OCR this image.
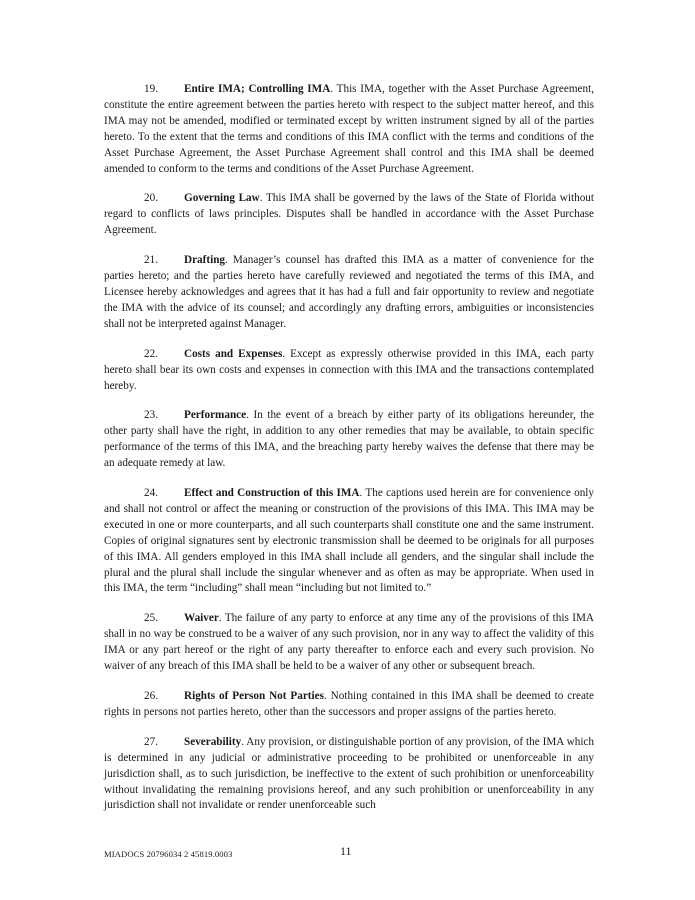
19. Entire IMA; Controlling IMA. This IMA, together with the Asset Purchase Agreement, constitute the entire agreement between the parties hereto with respect to the subject matter hereof, and this IMA may not be amended, modified or terminated except by written instrument signed by all of the parties hereto. To the extent that the terms and conditions of this IMA conflict with the terms and conditions of the Asset Purchase Agreement, the Asset Purchase Agreement shall control and this IMA shall be deemed amended to conform to the terms and conditions of the Asset Purchase Agreement.

20. Governing Law. This IMA shall be governed by the laws of the State of Florida without regard to conflicts of laws principles. Disputes shall be handled in accordance with the Asset Purchase Agreement.

21. Drafting. Manager’s counsel has drafted this IMA as a matter of convenience for the parties hereto; and the parties hereto have carefully reviewed and negotiated the terms of this IMA, and Licensee hereby acknowledges and agrees that it has had a full and fair opportunity to review and negotiate the IMA with the advice of its counsel; and accordingly any drafting errors, ambiguities or inconsistencies shall not be interpreted against Manager.

22. Costs and Expenses. Except as expressly otherwise provided in this IMA, each party hereto shall bear its own costs and expenses in connection with this IMA and the transactions contemplated hereby.

23. Performance. In the event of a breach by either party of its obligations hereunder, the other party shall have the right, in addition to any other remedies that may be available, to obtain specific performance of the terms of this IMA, and the breaching party hereby waives the defense that there may be an adequate remedy at law.

24. Effect and Construction of this IMA. The captions used herein are for convenience only and shall not control or affect the meaning or construction of the provisions of this IMA. This IMA may be executed in one or more counterparts, and all such counterparts shall constitute one and the same instrument. Copies of original signatures sent by electronic transmission shall be deemed to be originals for all purposes of this IMA. All genders employed in this IMA shall include all genders, and the singular shall include the plural and the plural shall include the singular whenever and as often as may be appropriate. When used in this IMA, the term “including” shall mean “including but not limited to.”

25. Waiver. The failure of any party to enforce at any time any of the provisions of this IMA shall in no way be construed to be a waiver of any such provision, nor in any way to affect the validity of this IMA or any part hereof or the right of any party thereafter to enforce each and every such provision. No waiver of any breach of this IMA shall be held to be a waiver of any other or subsequent breach.

26. Rights of Person Not Parties. Nothing contained in this IMA shall be deemed to create rights in persons not parties hereto, other than the successors and proper assigns of the parties hereto.

27. Severability. Any provision, or distinguishable portion of any provision, of the IMA which is determined in any judicial or administrative proceeding to be prohibited or unenforceable in any jurisdiction shall, as to such jurisdiction, be ineffective to the extent of such prohibition or unenforceability without invalidating the remaining provisions hereof, and any such prohibition or unenforceability in any jurisdiction shall not invalidate or render unenforceable such

MIADOCS 20796034 2 45819.0003	11
